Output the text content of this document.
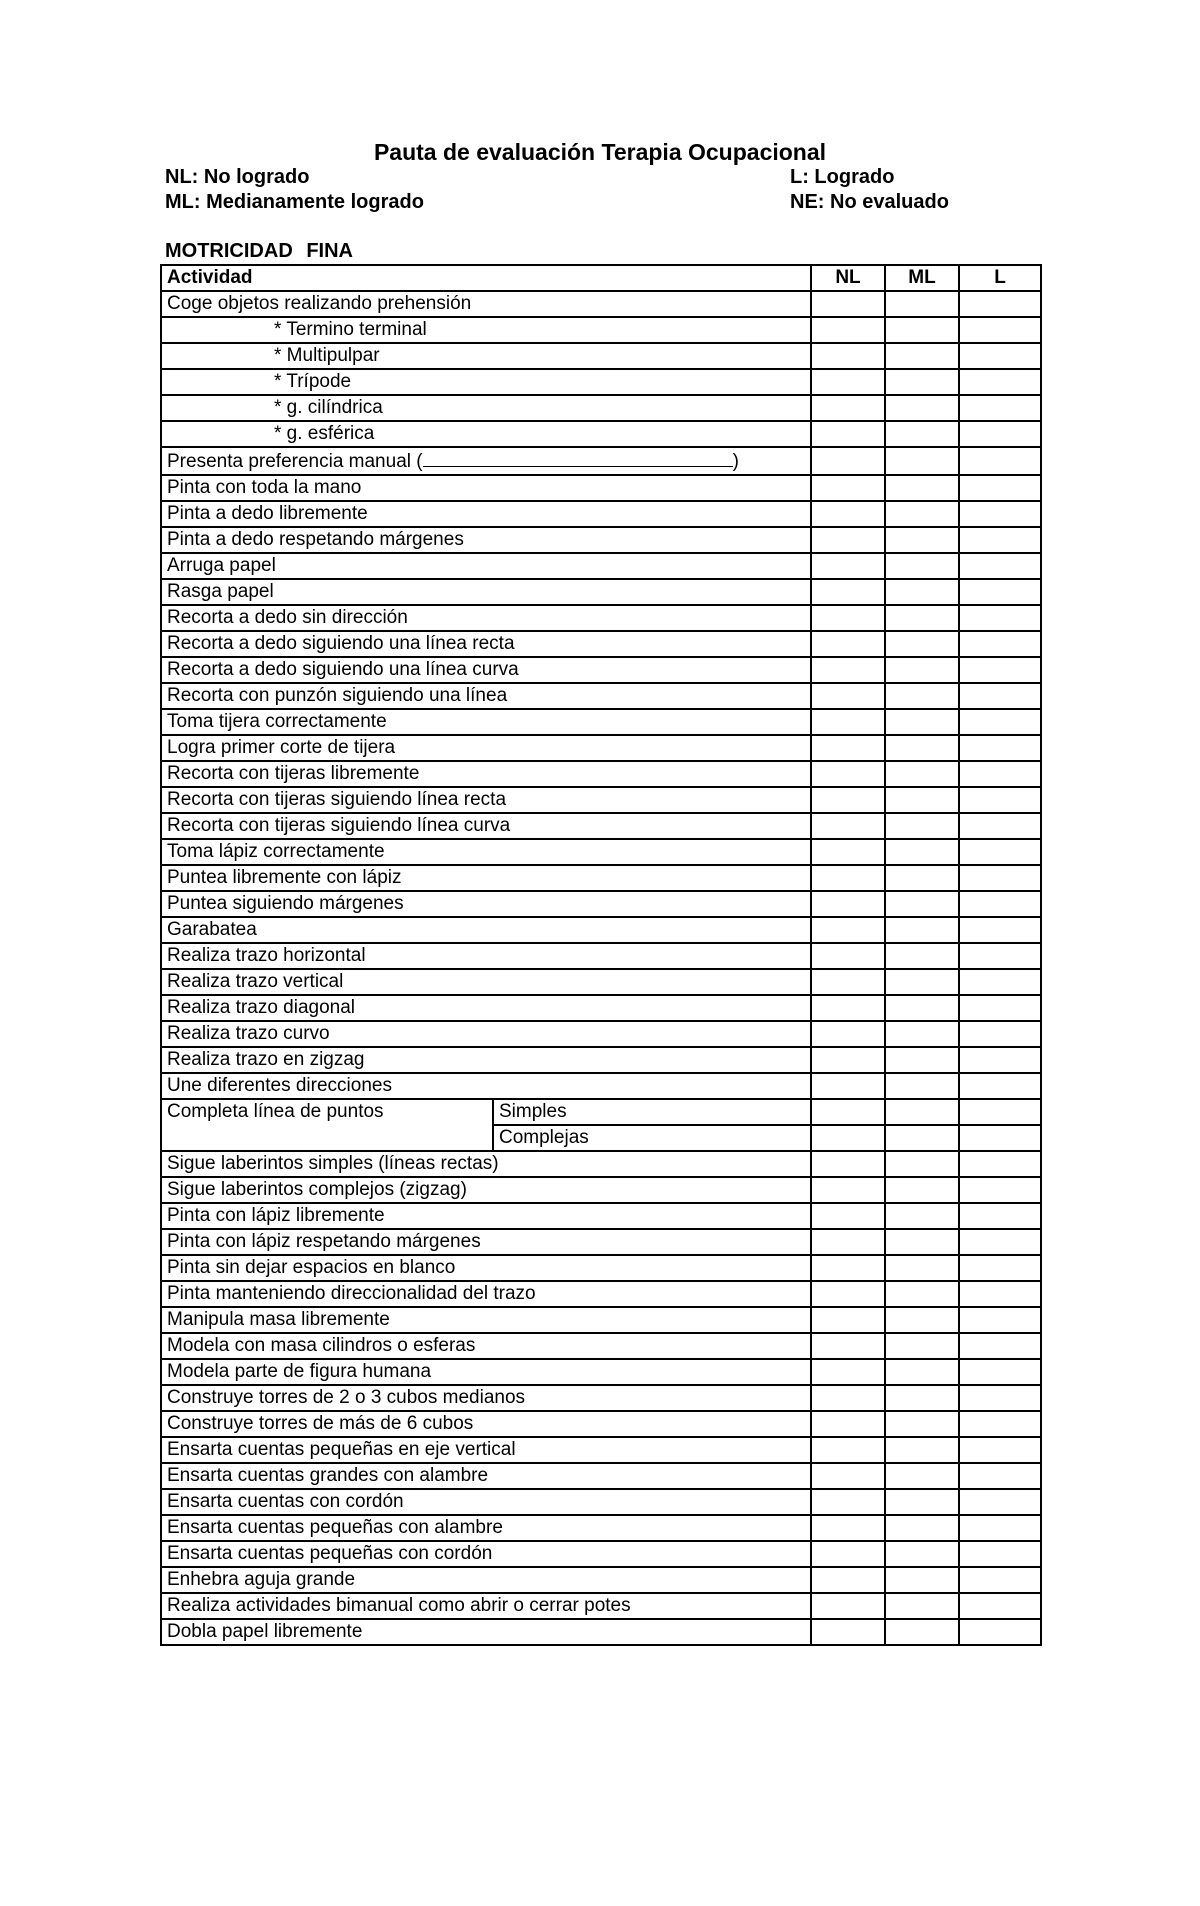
Pauta de evaluación Terapia Ocupacional
NL: No logrado
ML: Medianamente logrado
L: Logrado
NE: No evaluado
MOTRICIDAD FINA
Actividad	NL	ML	L
Coge objetos realizando prehensión			
* Termino terminal			
* Multipulpar			
* Trípode			
* g. cilíndrica			
* g. esférica			
Presenta preferencia manual (	)			
Pinta con toda la mano			
Pinta a dedo libremente			
Pinta a dedo respetando márgenes			
Arruga papel			
Rasga papel			
Recorta a dedo sin dirección			
Recorta a dedo siguiendo una línea recta			
Recorta a dedo siguiendo una línea curva			
Recorta con punzón siguiendo una línea			
Toma tijera correctamente			
Logra primer corte de tijera			
Recorta con tijeras libremente			
Recorta con tijeras siguiendo línea recta			
Recorta con tijeras siguiendo línea curva			
Toma lápiz correctamente			
Puntea libremente con lápiz			
Puntea siguiendo márgenes			
Garabatea			
Realiza trazo horizontal			
Realiza trazo vertical			
Realiza trazo diagonal			
Realiza trazo curvo			
Realiza trazo en zigzag			
Une diferentes direcciones			

Completa línea de puntos	Simples
Complejas

Sigue laberintos simples (líneas rectas)			
Sigue laberintos complejos (zigzag)			
Pinta con lápiz libremente			
Pinta con lápiz respetando márgenes			
Pinta sin dejar espacios en blanco			
Pinta manteniendo direccionalidad del trazo			
Manipula masa libremente			
Modela con masa cilindros o esferas			
Modela parte de figura humana			
Construye torres de 2 o 3 cubos medianos			
Construye torres de más de 6 cubos			
Ensarta cuentas pequeñas en eje vertical			
Ensarta cuentas grandes con alambre			
Ensarta cuentas con cordón			
Ensarta cuentas pequeñas con alambre			
Ensarta cuentas pequeñas con cordón			
Enhebra aguja grande			
Realiza actividades bimanual como abrir o cerrar potes			
Dobla papel libremente			
